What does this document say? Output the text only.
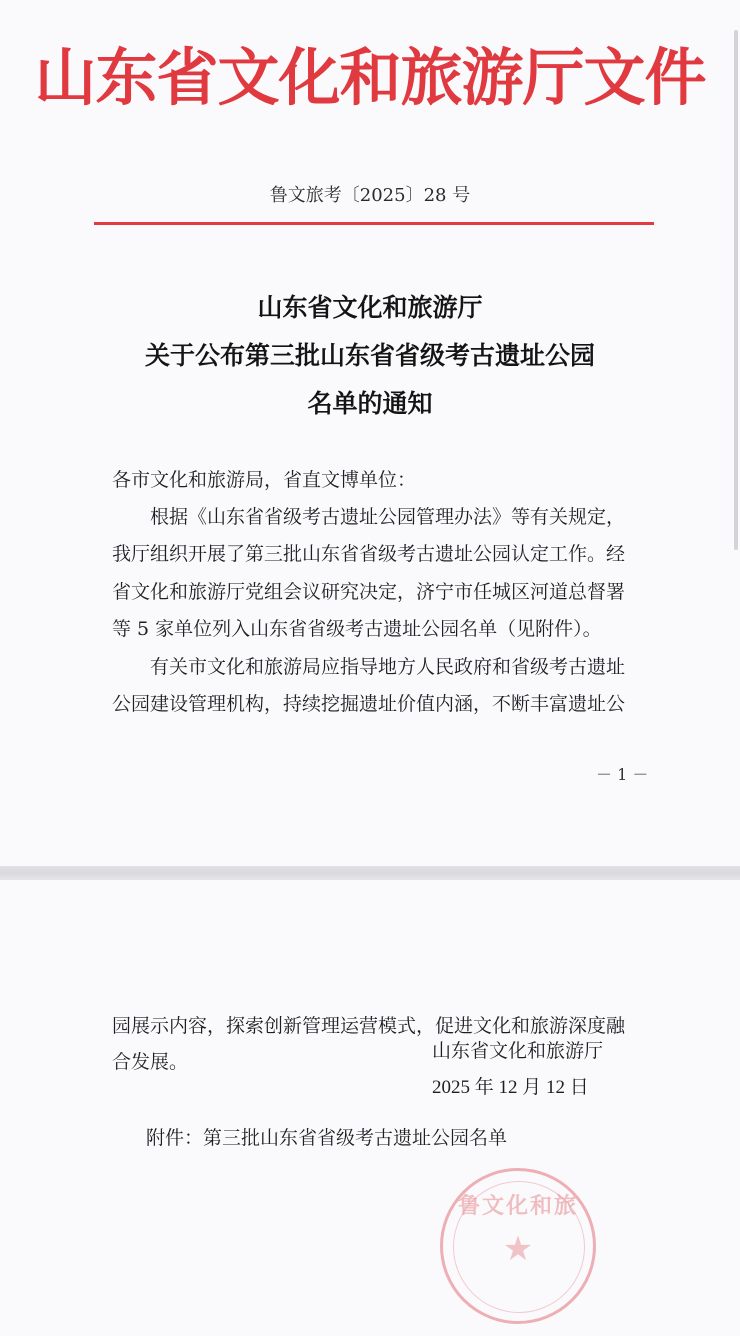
山东省文化和旅游厅文件
鲁文旅考〔2025〕28 号
山东省文化和旅游厅
关于公布第三批山东省省级考古遗址公园
名单的通知
各市文化和旅游局，省直文博单位：
　　根据《山东省省级考古遗址公园管理办法》等有关规定，
我厅组织开展了第三批山东省省级考古遗址公园认定工作。经
省文化和旅游厅党组会议研究决定，济宁市任城区河道总督署
等 5 家单位列入山东省省级考古遗址公园名单（见附件）。
　　有关市文化和旅游局应指导地方人民政府和省级考古遗址
公园建设管理机构，持续挖掘遗址价值内涵，不断丰富遗址公
－ 1 －
园展示内容，探索创新管理运营模式，促进文化和旅游深度融
合发展。
附件：第三批山东省省级考古遗址公园名单
鲁文化和旅
★
山东省文化和旅游厅
2025 年 12 月 12 日
